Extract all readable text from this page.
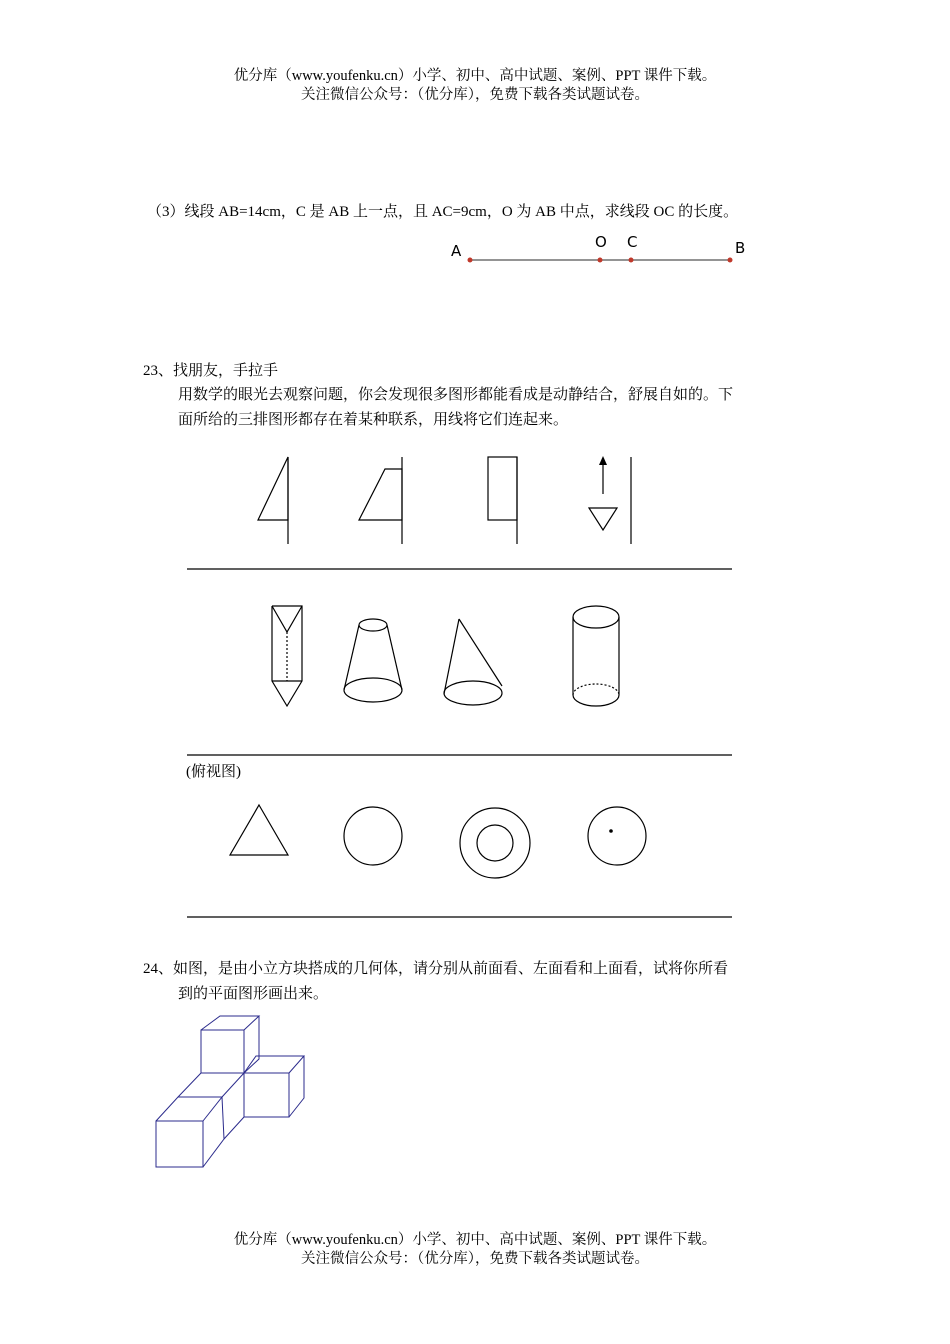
优分库（www.youfenku.cn）小学、初中、高中试题、案例、PPT 课件下载。
关注微信公众号：（优分库），免费下载各类试题试卷。
（3）线段 AB=14cm，C 是 AB 上一点，且 AC=9cm，O 为 AB 中点，求线段 OC 的长度。
A	O C	B
23、找朋友，手拉手
用数学的眼光去观察问题，你会发现很多图形都能看成是动静结合，舒展自如的。下
面所给的三排图形都存在着某种联系，用线将它们连起来。
(俯视图)
24、如图，是由小立方块搭成的几何体，请分别从前面看、左面看和上面看，试将你所看
到的平面图形画出来。
优分库（www.youfenku.cn）小学、初中、高中试题、案例、PPT 课件下载。
关注微信公众号：（优分库），免费下载各类试题试卷。
